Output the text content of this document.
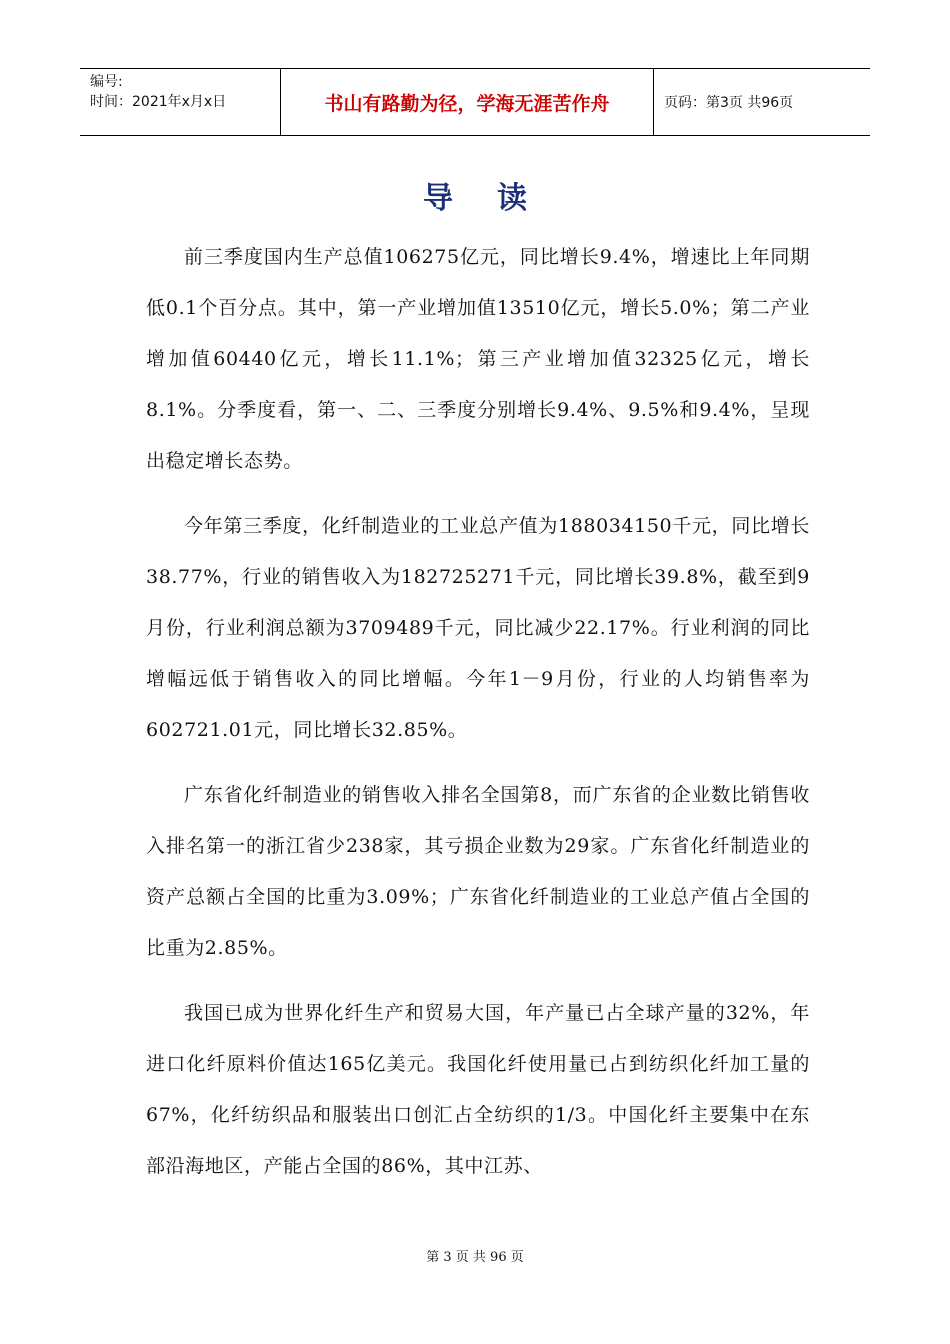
编号:
时间：2021年x月x日	书山有路勤为径，学海无涯苦作舟	页码：第3页 共96页
导读

前三季度国内生产总值106275亿元，同比增长9.4%，增速比上年同期低0.1个百分点。其中，第一产业增加值13510亿元，增长5.0%；第二产业增加值60440亿元，增长11.1%；第三产业增加值32325亿元，增长8.1%。分季度看，第一、二、三季度分别增长9.4%、9.5%和9.4%，呈现出稳定增长态势。

今年第三季度，化纤制造业的工业总产值为188034150千元，同比增长38.77%，行业的销售收入为182725271千元，同比增长39.8%，截至到9月份，行业利润总额为3709489千元，同比减少22.17%。行业利润的同比增幅远低于销售收入的同比增幅。今年1－9月份，行业的人均销售率为602721.01元，同比增长32.85%。

广东省化纤制造业的销售收入排名全国第8，而广东省的企业数比销售收入排名第一的浙江省少238家，其亏损企业数为29家。广东省化纤制造业的资产总额占全国的比重为3.09%；广东省化纤制造业的工业总产值占全国的比重为2.85%。

我国已成为世界化纤生产和贸易大国，年产量已占全球产量的32%，年进口化纤原料价值达165亿美元。我国化纤使用量已占到纺织化纤加工量的67%，化纤纺织品和服装出口创汇占全纺织的1/3。中国化纤主要集中在东部沿海地区，产能占全国的86%，其中江苏、

第 3 页 共 96 页
